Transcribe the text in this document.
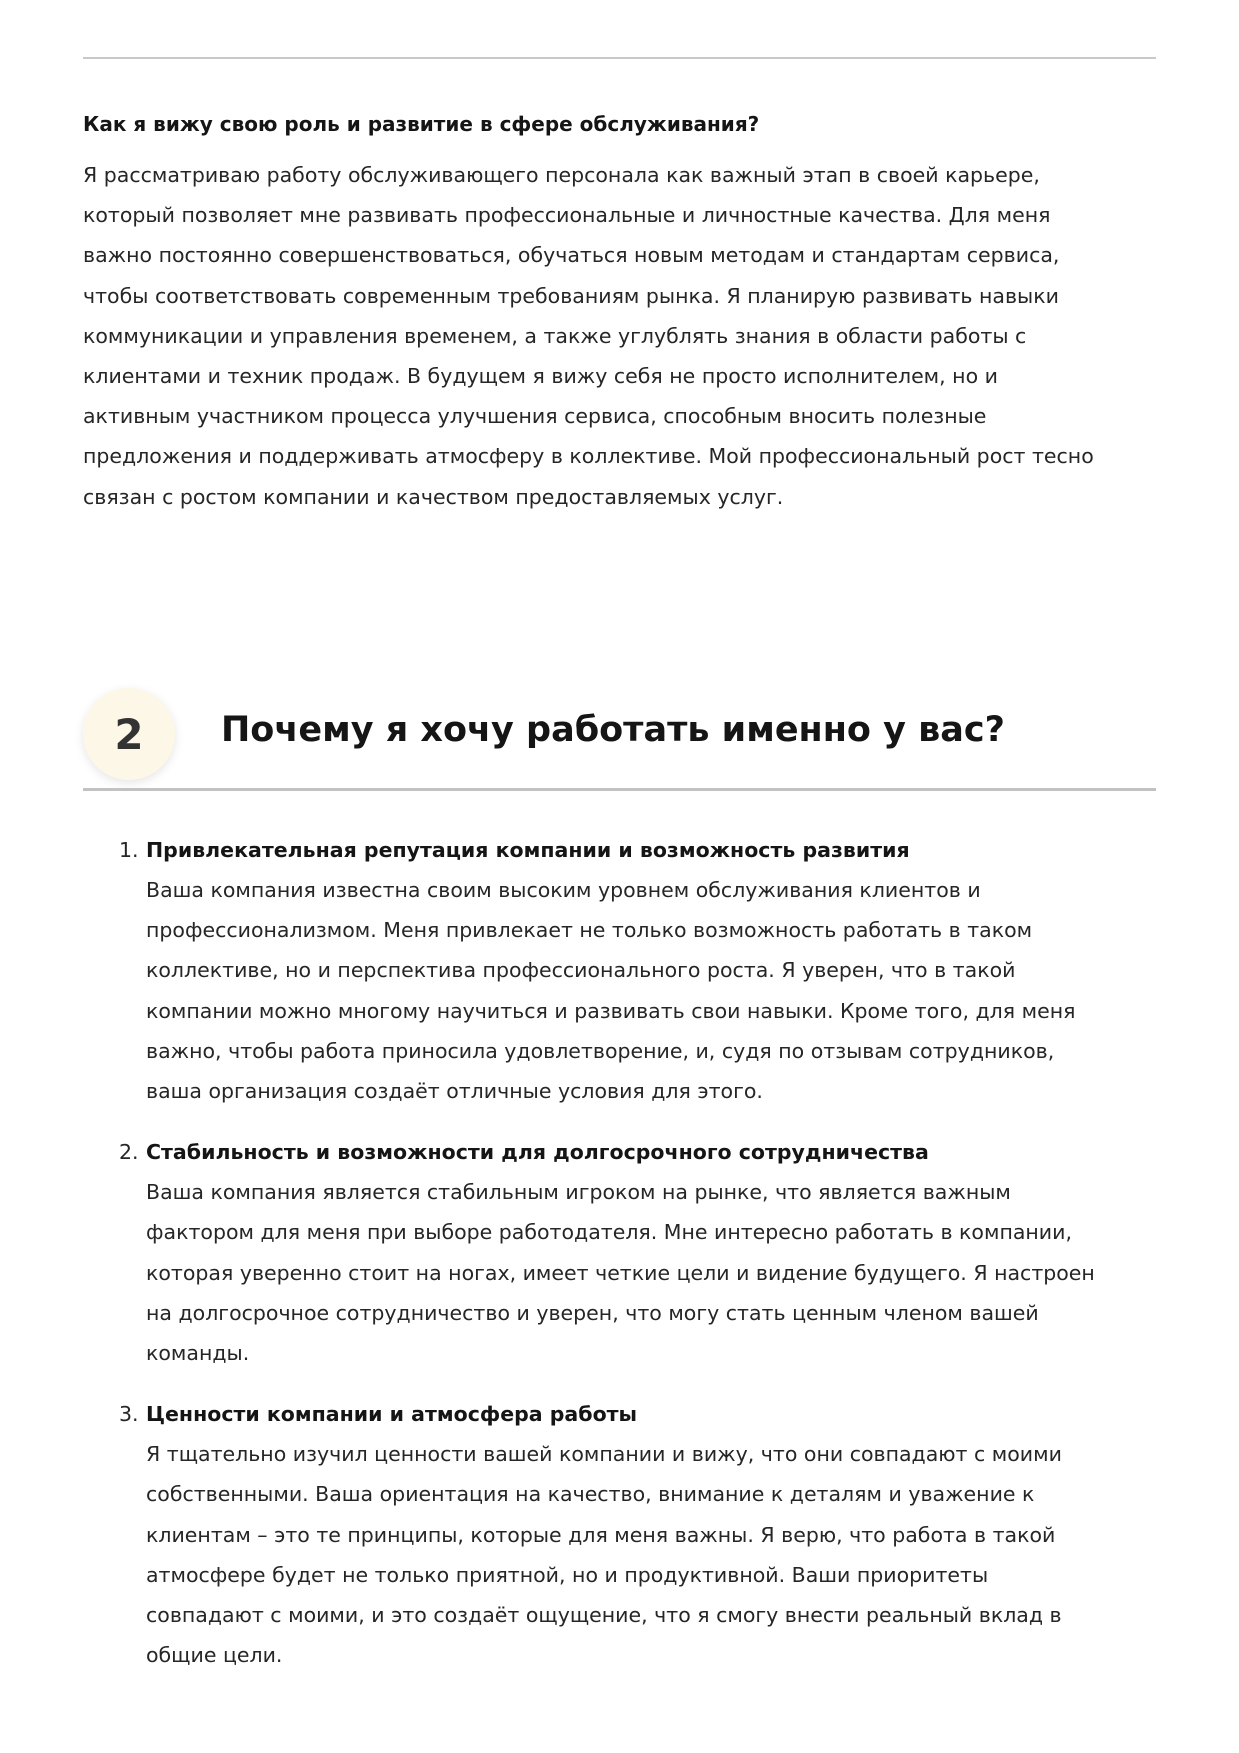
Как я вижу свою роль и развитие в сфере обслуживания?

Я рассматриваю работу обслуживающего персонала как важный этап в своей карьере,
который позволяет мне развивать профессиональные и личностные качества. Для меня
важно постоянно совершенствоваться, обучаться новым методам и стандартам сервиса,
чтобы соответствовать современным требованиям рынка. Я планирую развивать навыки
коммуникации и управления временем, а также углублять знания в области работы с
клиентами и техник продаж. В будущем я вижу себя не просто исполнителем, но и
активным участником процесса улучшения сервиса, способным вносить полезные
предложения и поддерживать атмосферу в коллективе. Мой профессиональный рост тесно
связан с ростом компании и качеством предоставляемых услуг.

2	Почему я хочу работать именно у вас?
1. Привлекательная репутация компании и возможность развития
Ваша компания известна своим высоким уровнем обслуживания клиентов и
профессионализмом. Меня привлекает не только возможность работать в таком
коллективе, но и перспектива профессионального роста. Я уверен, что в такой
компании можно многому научиться и развивать свои навыки. Кроме того, для меня
важно, чтобы работа приносила удовлетворение, и, судя по отзывам сотрудников,
ваша организация создаёт отличные условия для этого.
2. Стабильность и возможности для долгосрочного сотрудничества
Ваша компания является стабильным игроком на рынке, что является важным
фактором для меня при выборе работодателя. Мне интересно работать в компании,
которая уверенно стоит на ногах, имеет четкие цели и видение будущего. Я настроен
на долгосрочное сотрудничество и уверен, что могу стать ценным членом вашей
команды.
3. Ценности компании и атмосфера работы
Я тщательно изучил ценности вашей компании и вижу, что они совпадают с моими
собственными. Ваша ориентация на качество, внимание к деталям и уважение к
клиентам – это те принципы, которые для меня важны. Я верю, что работа в такой
атмосфере будет не только приятной, но и продуктивной. Ваши приоритеты
совпадают с моими, и это создаёт ощущение, что я смогу внести реальный вклад в
общие цели.
